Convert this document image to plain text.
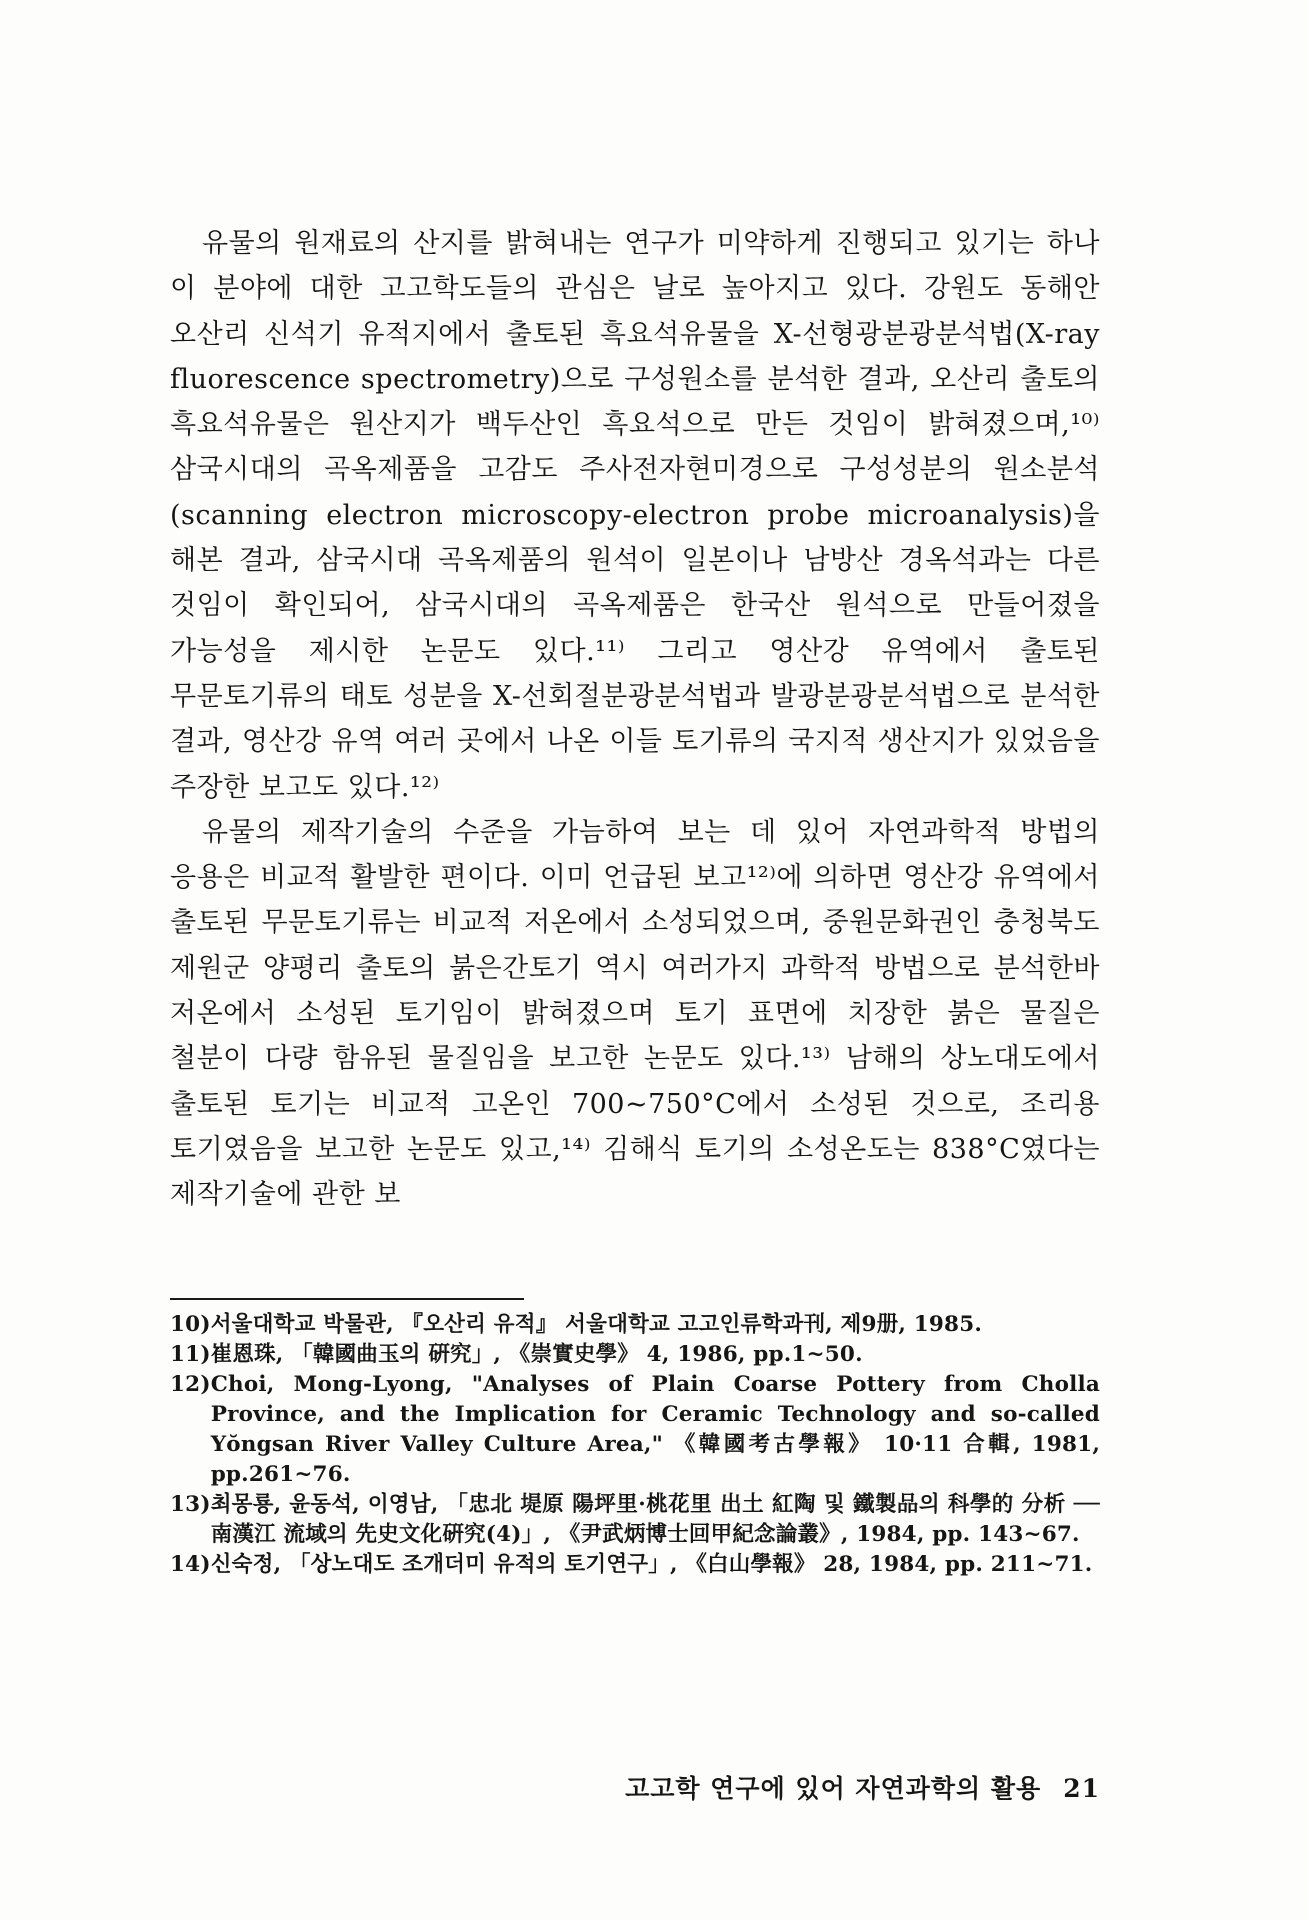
유물의 원재료의 산지를 밝혀내는 연구가 미약하게 진행되고 있기는 하나 이 분야에 대한 고고학도들의 관심은 날로 높아지고 있다. 강원도 동해안 오산리 신석기 유적지에서 출토된 흑요석유물을 X-선형광분광분석법(X-ray fluorescence spectrometry)으로 구성원소를 분석한 결과, 오산리 출토의 흑요석유물은 원산지가 백두산인 흑요석으로 만든 것임이 밝혀졌으며,¹⁰⁾ 삼국시대의 곡옥제품을 고감도 주사전자현미경으로 구성성분의 원소분석(scanning electron microscopy-electron probe microanalysis)을 해본 결과, 삼국시대 곡옥제품의 원석이 일본이나 남방산 경옥석과는 다른 것임이 확인되어, 삼국시대의 곡옥제품은 한국산 원석으로 만들어졌을 가능성을 제시한 논문도 있다.¹¹⁾ 그리고 영산강 유역에서 출토된 무문토기류의 태토 성분을 X-선회절분광분석법과 발광분광분석법으로 분석한 결과, 영산강 유역 여러 곳에서 나온 이들 토기류의 국지적 생산지가 있었음을 주장한 보고도 있다.¹²⁾

유물의 제작기술의 수준을 가늠하여 보는 데 있어 자연과학적 방법의 응용은 비교적 활발한 편이다. 이미 언급된 보고¹²⁾에 의하면 영산강 유역에서 출토된 무문토기류는 비교적 저온에서 소성되었으며, 중원문화권인 충청북도 제원군 양평리 출토의 붉은간토기 역시 여러가지 과학적 방법으로 분석한바 저온에서 소성된 토기임이 밝혀졌으며 토기 표면에 치장한 붉은 물질은 철분이 다량 함유된 물질임을 보고한 논문도 있다.¹³⁾ 남해의 상노대도에서 출토된 토기는 비교적 고온인 700~750°C에서 소성된 것으로, 조리용 토기였음을 보고한 논문도 있고,¹⁴⁾ 김해식 토기의 소성온도는 838°C였다는 제작기술에 관한 보

10) 서울대학교 박물관, 『오산리 유적』 서울대학교 고고인류학과刊, 제9册, 1985.
11) 崔恩珠, 「韓國曲玉의 硏究」, 《崇實史學》 4, 1986, pp.1~50.
12) Choi, Mong-Lyong, "Analyses of Plain Coarse Pottery from Cholla Province, and the Implication for Ceramic Technology and so-called Yŏngsan River Valley Culture Area," 《韓國考古學報》 10·11 合輯, 1981, pp.261~76.
13) 최몽룡, 윤동석, 이영남, 「忠北 堤原 陽坪里·桃花里 出土 紅陶 및 鐵製品의 科學的 分析 ── 南漢江 流域의 先史文化硏究(4)」, 《尹武炳博士回甲紀念論叢》, 1984, pp. 143~67.
14) 신숙정, 「상노대도 조개더미 유적의 토기연구」, 《白山學報》 28, 1984, pp. 211~71.
고고학 연구에 있어 자연과학의 활용 21
